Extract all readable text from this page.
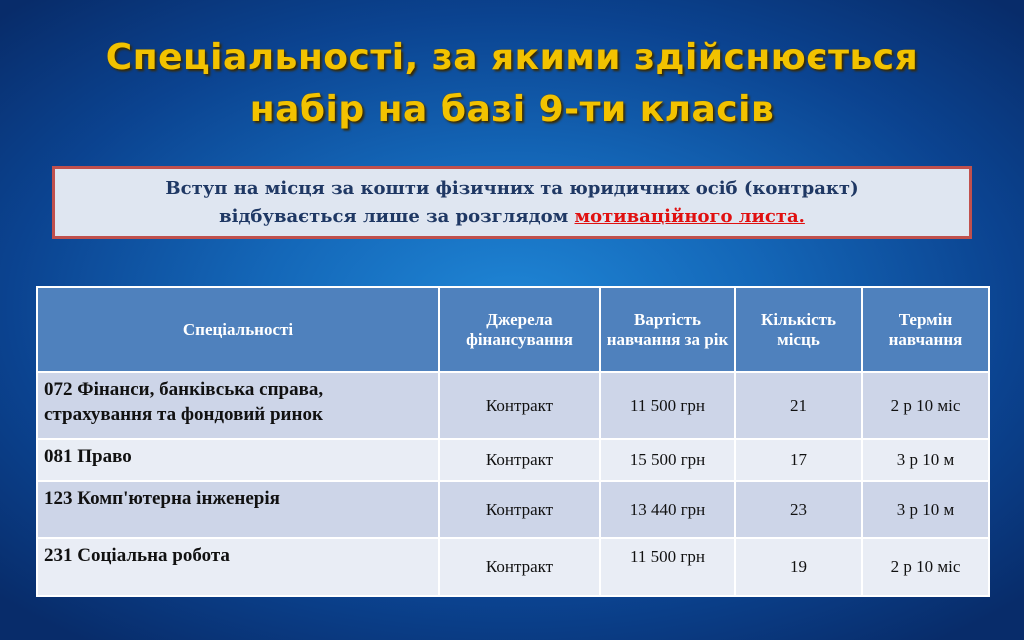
Спеціальності, за якими здійснюється
набір на базі 9-ти класів
Вступ на місця за кошти фізичних та юридичних осіб (контракт)
відбувається лише за розглядом мотиваційного листа.
Спеціальності	Джерела фінансування	Вартість навчання за рік	Кількість місць	Термін навчання
072 Фінанси, банківська справа, страхування та фондовий ринок	Контракт	11 500 грн	21	2 р 10 міс
081 Право	Контракт	15 500 грн	17	3 р 10 м
123 Комп'ютерна інженерія	Контракт	13 440 грн	23	3 р 10 м
231 Соціальна робота	Контракт	11 500 грн	19	2 р 10 міс
